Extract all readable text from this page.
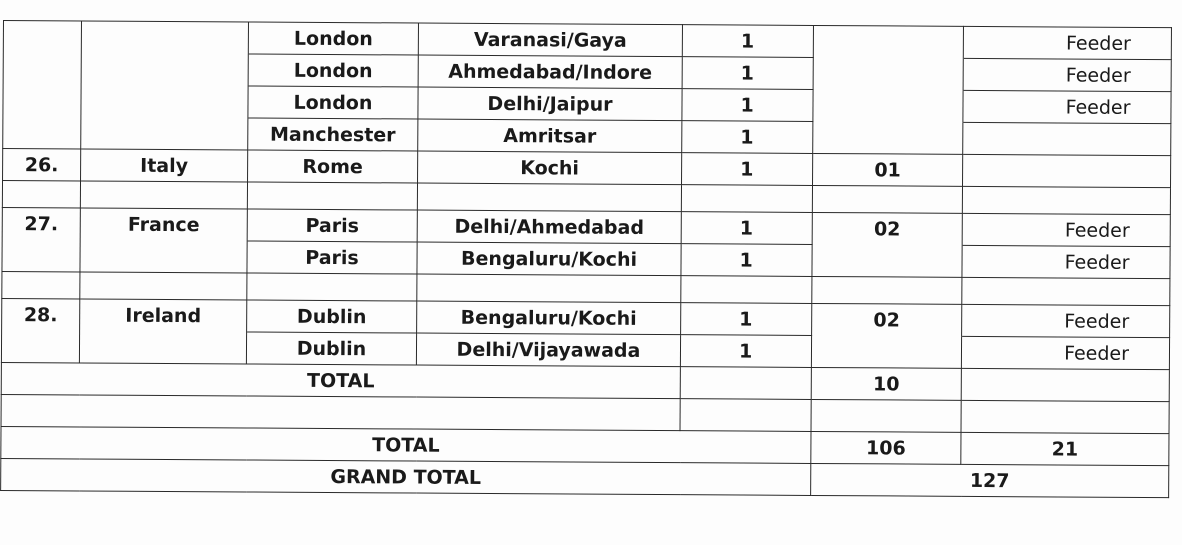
		London	Varanasi/Gaya	1		Feeder
		London	Ahmedabad/Indore	1		Feeder
		London	Delhi/Jaipur	1		Feeder
		Manchester	Amritsar	1		
26.	Italy	Rome	Kochi	1	01	

27.	France	Paris	Delhi/Ahmedabad	1	02	Feeder
		Paris	Bengaluru/Kochi	1		Feeder

28.	Ireland	Dublin	Bengaluru/Kochi	1	02	Feeder
		Dublin	Delhi/Vijayawada	1		Feeder
TOTAL					10	

TOTAL					106	21
GRAND TOTAL					127	
